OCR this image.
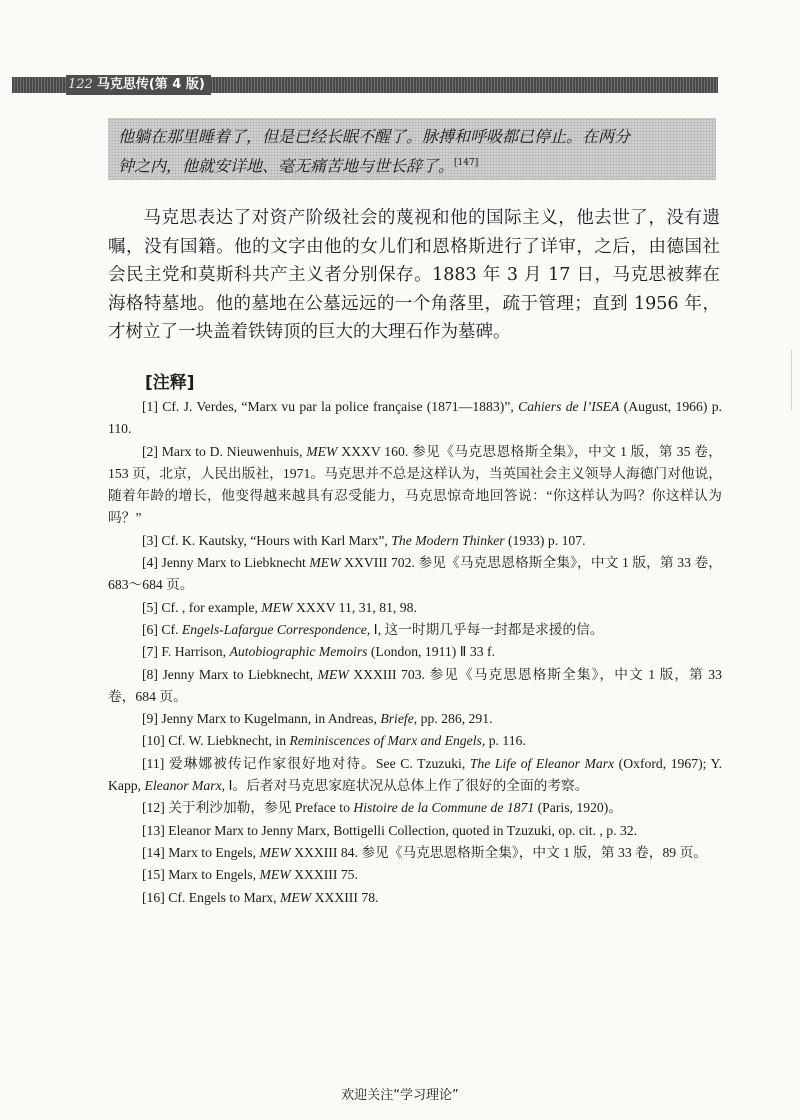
122 马克思传(第 4 版)
他躺在那里睡着了，但是已经长眠不醒了。脉搏和呼吸都已停止。在两分
钟之内，他就安详地、毫无痛苦地与世长辞了。[147]

马克思表达了对资产阶级社会的蔑视和他的国际主义，他去世了，没有遗嘱，没有国籍。他的文字由他的女儿们和恩格斯进行了详审，之后，由德国社会民主党和莫斯科共产主义者分别保存。1883 年 3 月 17 日，马克思被葬在海格特墓地。他的墓地在公墓远远的一个角落里，疏于管理；直到 1956 年，才树立了一块盖着铁铸顶的巨大的大理石作为墓碑。

[注释]

[1] Cf. J. Verdes, “Marx vu par la police française (1871—1883)”, Cahiers de l’ISEA (August, 1966) p. 110.

[2] Marx to D. Nieuwenhuis, MEW XXXV 160. 参见《马克思恩格斯全集》，中文 1 版，第 35 卷，153 页，北京，人民出版社，1971。马克思并不总是这样认为，当英国社会主义领导人海德门对他说，随着年龄的增长，他变得越来越具有忍受能力，马克思惊奇地回答说：“你这样认为吗？你这样认为吗？”

[3] Cf. K. Kautsky, “Hours with Karl Marx”, The Modern Thinker (1933) p. 107.

[4] Jenny Marx to Liebknecht MEW XXVIII 702. 参见《马克思恩格斯全集》，中文 1 版，第 33 卷，683～684 页。

[5] Cf. , for example, MEW XXXV 11, 31, 81, 98.

[6] Cf. Engels-Lafargue Correspondence, Ⅰ, 这一时期几乎每一封都是求援的信。

[7] F. Harrison, Autobiographic Memoirs (London, 1911) Ⅱ 33 f.

[8] Jenny Marx to Liebknecht, MEW XXXIII 703. 参见《马克思恩格斯全集》，中文 1 版，第 33 卷，684 页。

[9] Jenny Marx to Kugelmann, in Andreas, Briefe, pp. 286, 291.

[10] Cf. W. Liebknecht, in Reminiscences of Marx and Engels, p. 116.

[11] 爱琳娜被传记作家很好地对待。See C. Tzuzuki, The Life of Eleanor Marx (Oxford, 1967); Y. Kapp, Eleanor Marx, Ⅰ。后者对马克思家庭状况从总体上作了很好的全面的考察。

[12] 关于利沙加勒，参见 Preface to Histoire de la Commune de 1871 (Paris, 1920)。

[13] Eleanor Marx to Jenny Marx, Bottigelli Collection, quoted in Tzuzuki, op. cit. , p. 32.

[14] Marx to Engels, MEW XXXIII 84. 参见《马克思恩格斯全集》，中文 1 版，第 33 卷，89 页。

[15] Marx to Engels, MEW XXXIII 75.

[16] Cf. Engels to Marx, MEW XXXIII 78.

欢迎关注“学习理论”
